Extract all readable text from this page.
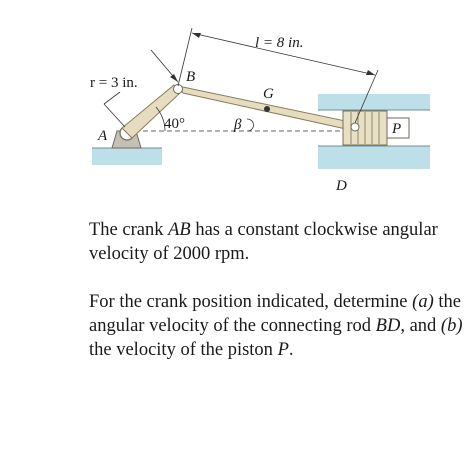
r = 3 in.
l = 8 in.
B
G
A
D
P
β
40°
The crank AB has a constant clockwise angular velocity of 2000 rpm.
For the crank position indicated, determine (a) the angular velocity of the connecting rod BD, and (b) the velocity of the piston P.
